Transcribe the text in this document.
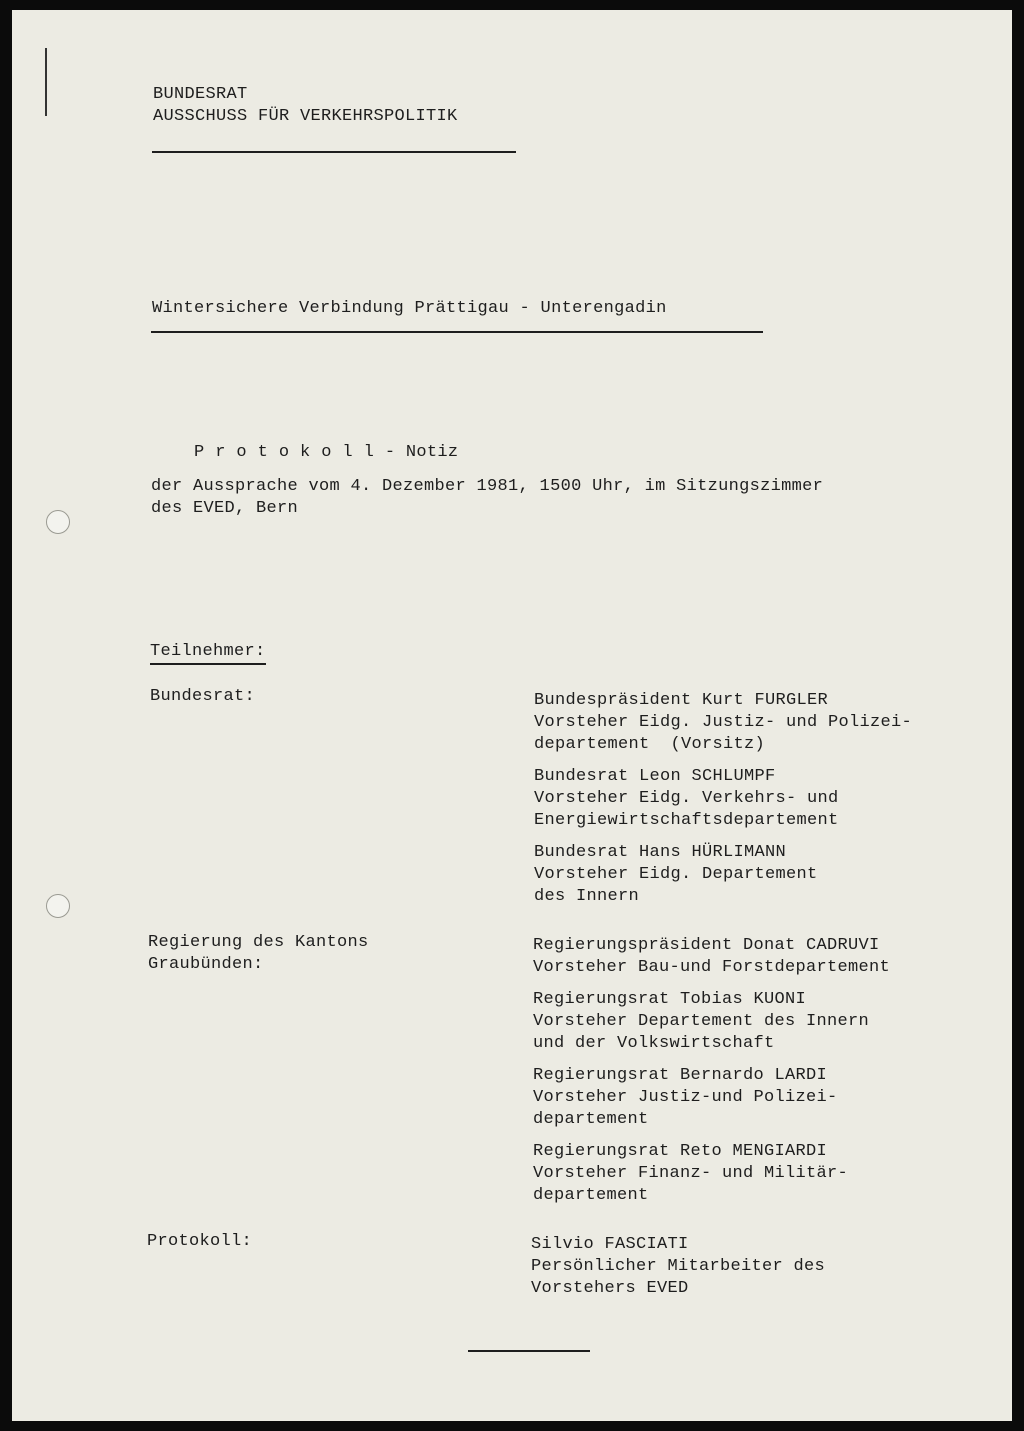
BUNDESRAT
AUSSCHUSS FÜR VERKEHRSPOLITIK
Wintersichere Verbindung Prättigau - Unterengadin

Protokoll- Notiz

der Aussprache vom 4. Dezember 1981, 1500 Uhr, im Sitzungszimmer
des EVED, Bern
Teilnehmer:
Bundesrat:	Bundespräsident Kurt FURGLER
Vorsteher Eidg. Justiz- und Polizei-
departement  (Vorsitz)
Bundesrat Leon SCHLUMPF
Vorsteher Eidg. Verkehrs- und
Energiewirtschaftsdepartement
Bundesrat Hans HÜRLIMANN
Vorsteher Eidg. Departement
des Innern
Regierung des Kantons
Graubünden:
Regierungspräsident Donat CADRUVI
Vorsteher Bau-und Forstdepartement
Regierungsrat Tobias KUONI
Vorsteher Departement des Innern
und der Volkswirtschaft
Regierungsrat Bernardo LARDI
Vorsteher Justiz-und Polizei-
departement
Regierungsrat Reto MENGIARDI
Vorsteher Finanz- und Militär-
departement
Protokoll:	Silvio FASCIATI
Persönlicher Mitarbeiter des
Vorstehers EVED
